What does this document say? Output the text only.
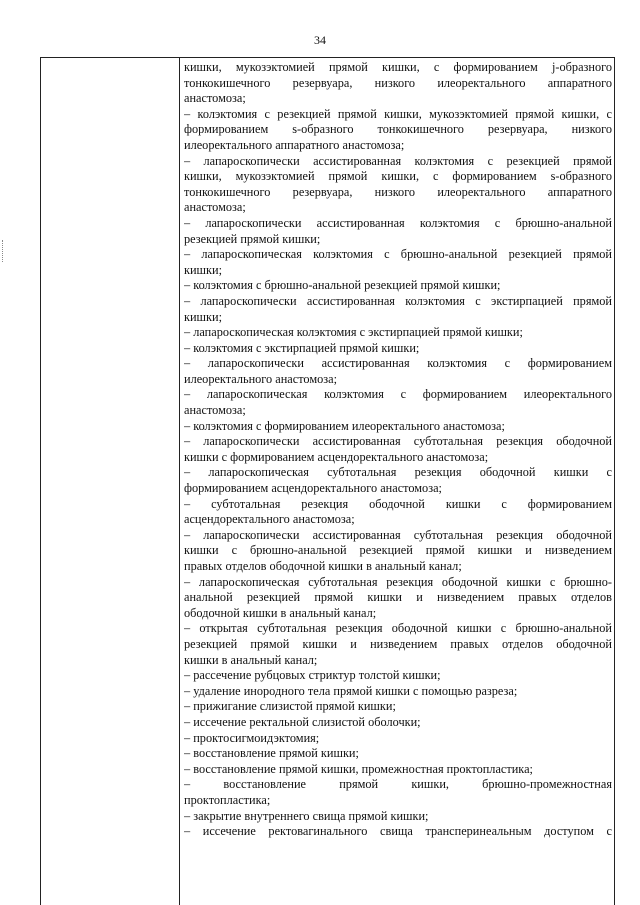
34
кишки, мукозэктомией прямой кишки, с формированием j-образного
тонкокишечного резервуара, низкого илеоректального аппаратного
анастомоза;
– колэктомия с резекцией прямой кишки, мукозэктомией прямой кишки, с
формированием s-образного тонкокишечного резервуара, низкого
илеоректального аппаратного анастомоза;
– лапароскопически ассистированная колэктомия с резекцией прямой
кишки, мукозэктомией прямой кишки, с формированием s-образного
тонкокишечного резервуара, низкого илеоректального аппаратного
анастомоза;
– лапароскопически ассистированная колэктомия с брюшно-анальной
резекцией прямой кишки;
– лапароскопическая колэктомия с брюшно-анальной резекцией прямой
кишки;
– колэктомия с брюшно-анальной резекцией прямой кишки;
– лапароскопически ассистированная колэктомия с экстирпацией прямой
кишки;
– лапароскопическая колэктомия с экстирпацией прямой кишки;
– колэктомия с экстирпацией прямой кишки;
– лапароскопически ассистированная колэктомия с формированием
илеоректального анастомоза;
– лапароскопическая колэктомия с формированием илеоректального
анастомоза;
– колэктомия с формированием илеоректального анастомоза;
– лапароскопически ассистированная субтотальная резекция ободочной
кишки с формированием асцендоректального анастомоза;
– лапароскопическая субтотальная резекция ободочной кишки с
формированием асцендоректального анастомоза;
– субтотальная резекция ободочной кишки с формированием
асцендоректального анастомоза;
– лапароскопически ассистированная субтотальная резекция ободочной
кишки с брюшно-анальной резекцией прямой кишки и низведением
правых отделов ободочной кишки в анальный канал;
– лапароскопическая субтотальная резекция ободочной кишки с брюшно-
анальной резекцией прямой кишки и низведением правых отделов
ободочной кишки в анальный канал;
– открытая субтотальная резекция ободочной кишки с брюшно-анальной
резекцией прямой кишки и низведением правых отделов ободочной
кишки в анальный канал;
– рассечение рубцовых стриктур толстой кишки;
– удаление инородного тела прямой кишки с помощью разреза;
– прижигание слизистой прямой кишки;
– иссечение ректальной слизистой оболочки;
– проктосигмоидэктомия;
– восстановление прямой кишки;
– восстановление прямой кишки, промежностная проктопластика;
– восстановление прямой кишки, брюшно-промежностная
проктопластика;
– закрытие внутреннего свища прямой кишки;
– иссечение ректовагинального свища трансперинеальным доступом с
